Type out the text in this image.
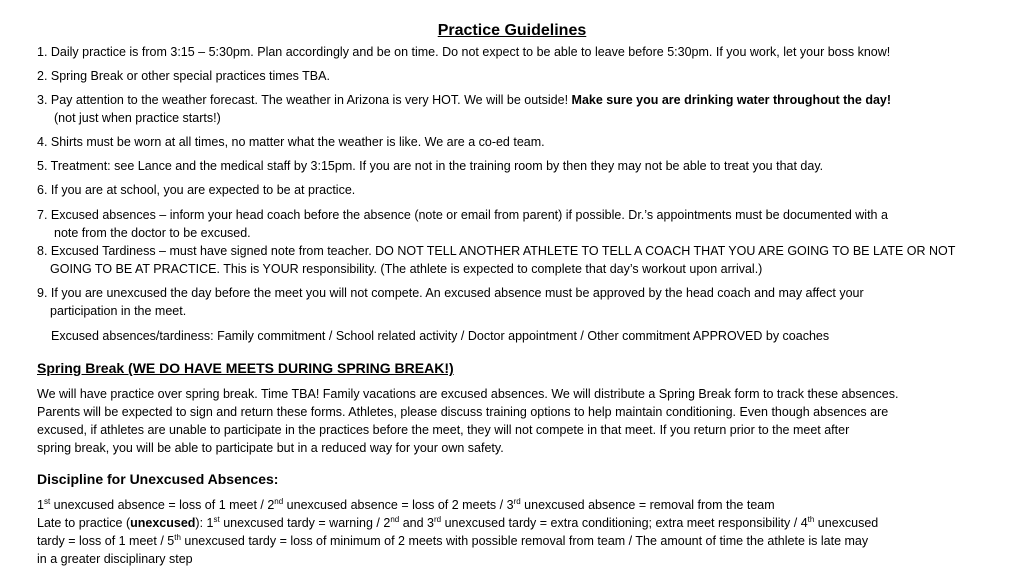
Practice Guidelines
1. Daily practice is from 3:15 – 5:30pm. Plan accordingly and be on time. Do not expect to be able to leave before 5:30pm. If you work, let your boss know!
2. Spring Break or other special practices times TBA.
3. Pay attention to the weather forecast. The weather in Arizona is very HOT. We will be outside! Make sure you are drinking water throughout the day!
(not just when practice starts!)
4. Shirts must be worn at all times, no matter what the weather is like. We are a co-ed team.
5. Treatment: see Lance and the medical staff by 3:15pm. If you are not in the training room by then they may not be able to treat you that day.
6. If you are at school, you are expected to be at practice.
7. Excused absences – inform your head coach before the absence (note or email from parent) if possible. Dr.’s appointments must be documented with a
note from the doctor to be excused.
8. Excused Tardiness – must have signed note from teacher. DO NOT TELL ANOTHER ATHLETE TO TELL A COACH THAT YOU ARE GOING TO BE LATE OR NOT
GOING TO BE AT PRACTICE. This is YOUR responsibility. (The athlete is expected to complete that day’s workout upon arrival.)
9. If you are unexcused the day before the meet you will not compete. An excused absence must be approved by the head coach and may affect your
participation in the meet.
Excused absences/tardiness: Family commitment / School related activity / Doctor appointment / Other commitment APPROVED by coaches
Spring Break (WE DO HAVE MEETS DURING SPRING BREAK!)
We will have practice over spring break. Time TBA! Family vacations are excused absences. We will distribute a Spring Break form to track these absences.
Parents will be expected to sign and return these forms. Athletes, please discuss training options to help maintain conditioning. Even though absences are
excused, if athletes are unable to participate in the practices before the meet, they will not compete in that meet. If you return prior to the meet after
spring break, you will be able to participate but in a reduced way for your own safety.
Discipline for Unexcused Absences:
1st unexcused absence = loss of 1 meet / 2nd unexcused absence = loss of 2 meets / 3rd unexcused absence = removal from the team
Late to practice (unexcused): 1st unexcused tardy = warning / 2nd and 3rd unexcused tardy = extra conditioning; extra meet responsibility / 4th unexcused
tardy = loss of 1 meet / 5th unexcused tardy = loss of minimum of 2 meets with possible removal from team / The amount of time the athlete is late may
in a greater disciplinary step
